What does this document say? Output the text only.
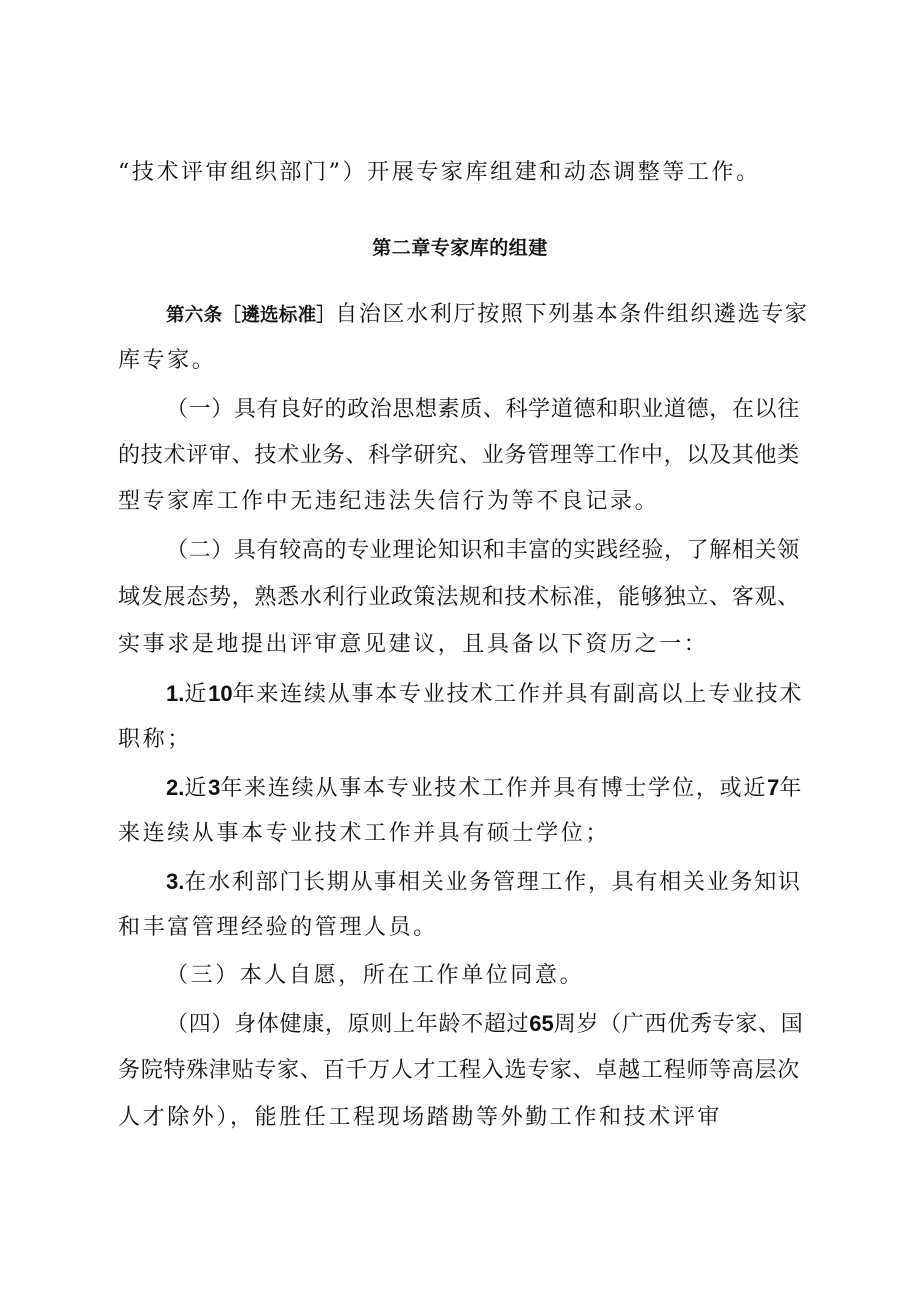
“技术评审组织部门”）开展专家库组建和动态调整等工作。
第二章专家库的组建
第六条［遴选标准］自治区水利厅按照下列基本条件组织遴选专家
库专家。
（一）具有良好的政治思想素质、科学道德和职业道德，在以往
的技术评审、技术业务、科学研究、业务管理等工作中，以及其他类
型专家库工作中无违纪违法失信行为等不良记录。
（二）具有较高的专业理论知识和丰富的实践经验，了解相关领
域发展态势，熟悉水利行业政策法规和技术标准，能够独立、客观、
实事求是地提出评审意见建议，且具备以下资历之一：
1.近10年来连续从事本专业技术工作并具有副高以上专业技术
职称；
2.近3年来连续从事本专业技术工作并具有博士学位，或近7年
来连续从事本专业技术工作并具有硕士学位；
3.在水利部门长期从事相关业务管理工作，具有相关业务知识
和丰富管理经验的管理人员。
（三）本人自愿，所在工作单位同意。
（四）身体健康，原则上年龄不超过65周岁（广西优秀专家、国
务院特殊津贴专家、百千万人才工程入选专家、卓越工程师等高层次
人才除外），能胜任工程现场踏勘等外勤工作和技术评审
